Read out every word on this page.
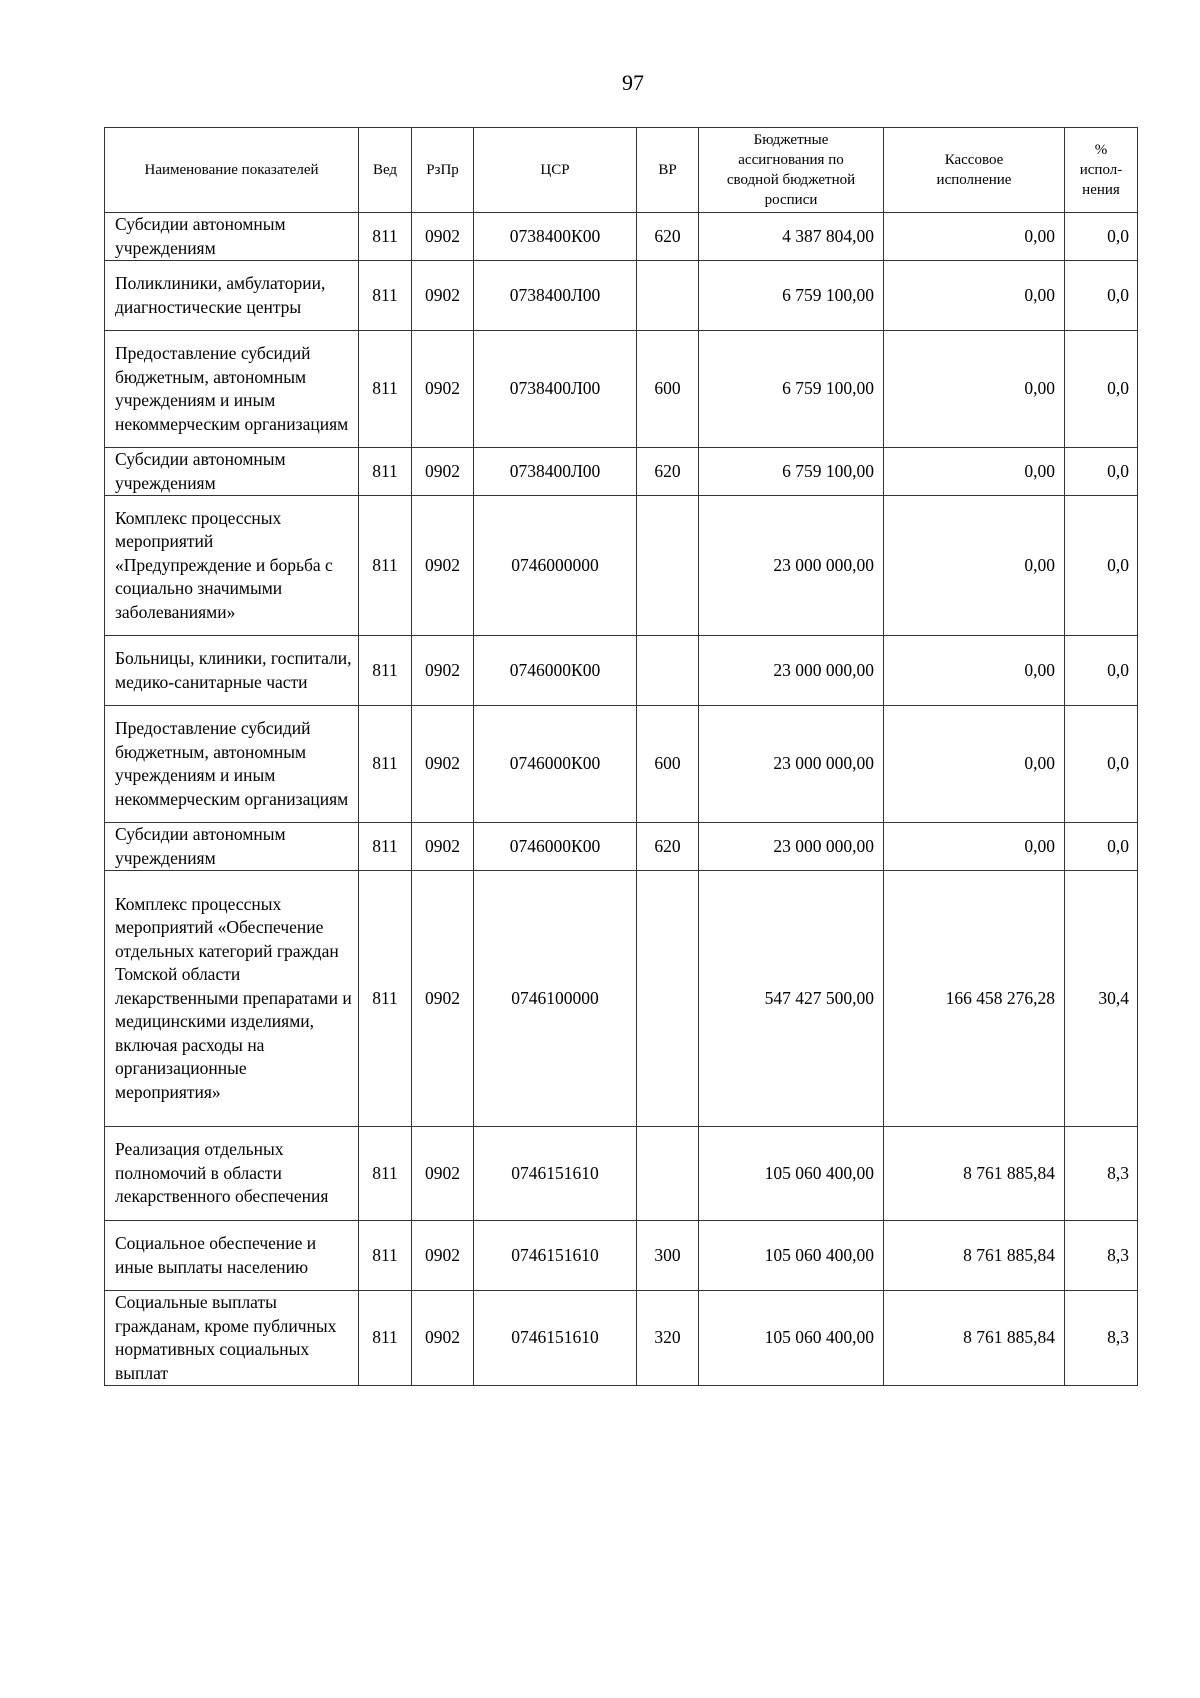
97
Наименование показателей	Вед	РзПр	ЦСР	ВР	Бюджетные ассигнования по сводной бюджетной росписи	Кассовое исполнение	% испол-нения
Субсидии автономным учреждениям	811	0902	0738400К00	620	4 387 804,00	0,00	0,0
Поликлиники, амбулатории, диагностические центры	811	0902	0738400Л00		6 759 100,00	0,00	0,0
Предоставление субсидий бюджетным, автономным учреждениям и иным некоммерческим организациям	811	0902	0738400Л00	600	6 759 100,00	0,00	0,0
Субсидии автономным учреждениям	811	0902	0738400Л00	620	6 759 100,00	0,00	0,0
Комплекс процессных мероприятий «Предупреждение и борьба с социально значимыми заболеваниями»	811	0902	0746000000		23 000 000,00	0,00	0,0
Больницы, клиники, госпитали, медико-санитарные части	811	0902	0746000К00		23 000 000,00	0,00	0,0
Предоставление субсидий бюджетным, автономным учреждениям и иным некоммерческим организациям	811	0902	0746000К00	600	23 000 000,00	0,00	0,0
Субсидии автономным учреждениям	811	0902	0746000К00	620	23 000 000,00	0,00	0,0
Комплекс процессных мероприятий «Обеспечение отдельных категорий граждан Томской области лекарственными препаратами и медицинскими изделиями, включая расходы на организационные мероприятия»	811	0902	0746100000		547 427 500,00	166 458 276,28	30,4
Реализация отдельных полномочий в области лекарственного обеспечения	811	0902	0746151610		105 060 400,00	8 761 885,84	8,3
Социальное обеспечение и иные выплаты населению	811	0902	0746151610	300	105 060 400,00	8 761 885,84	8,3
Социальные выплаты гражданам, кроме публичных нормативных социальных выплат	811	0902	0746151610	320	105 060 400,00	8 761 885,84	8,3
